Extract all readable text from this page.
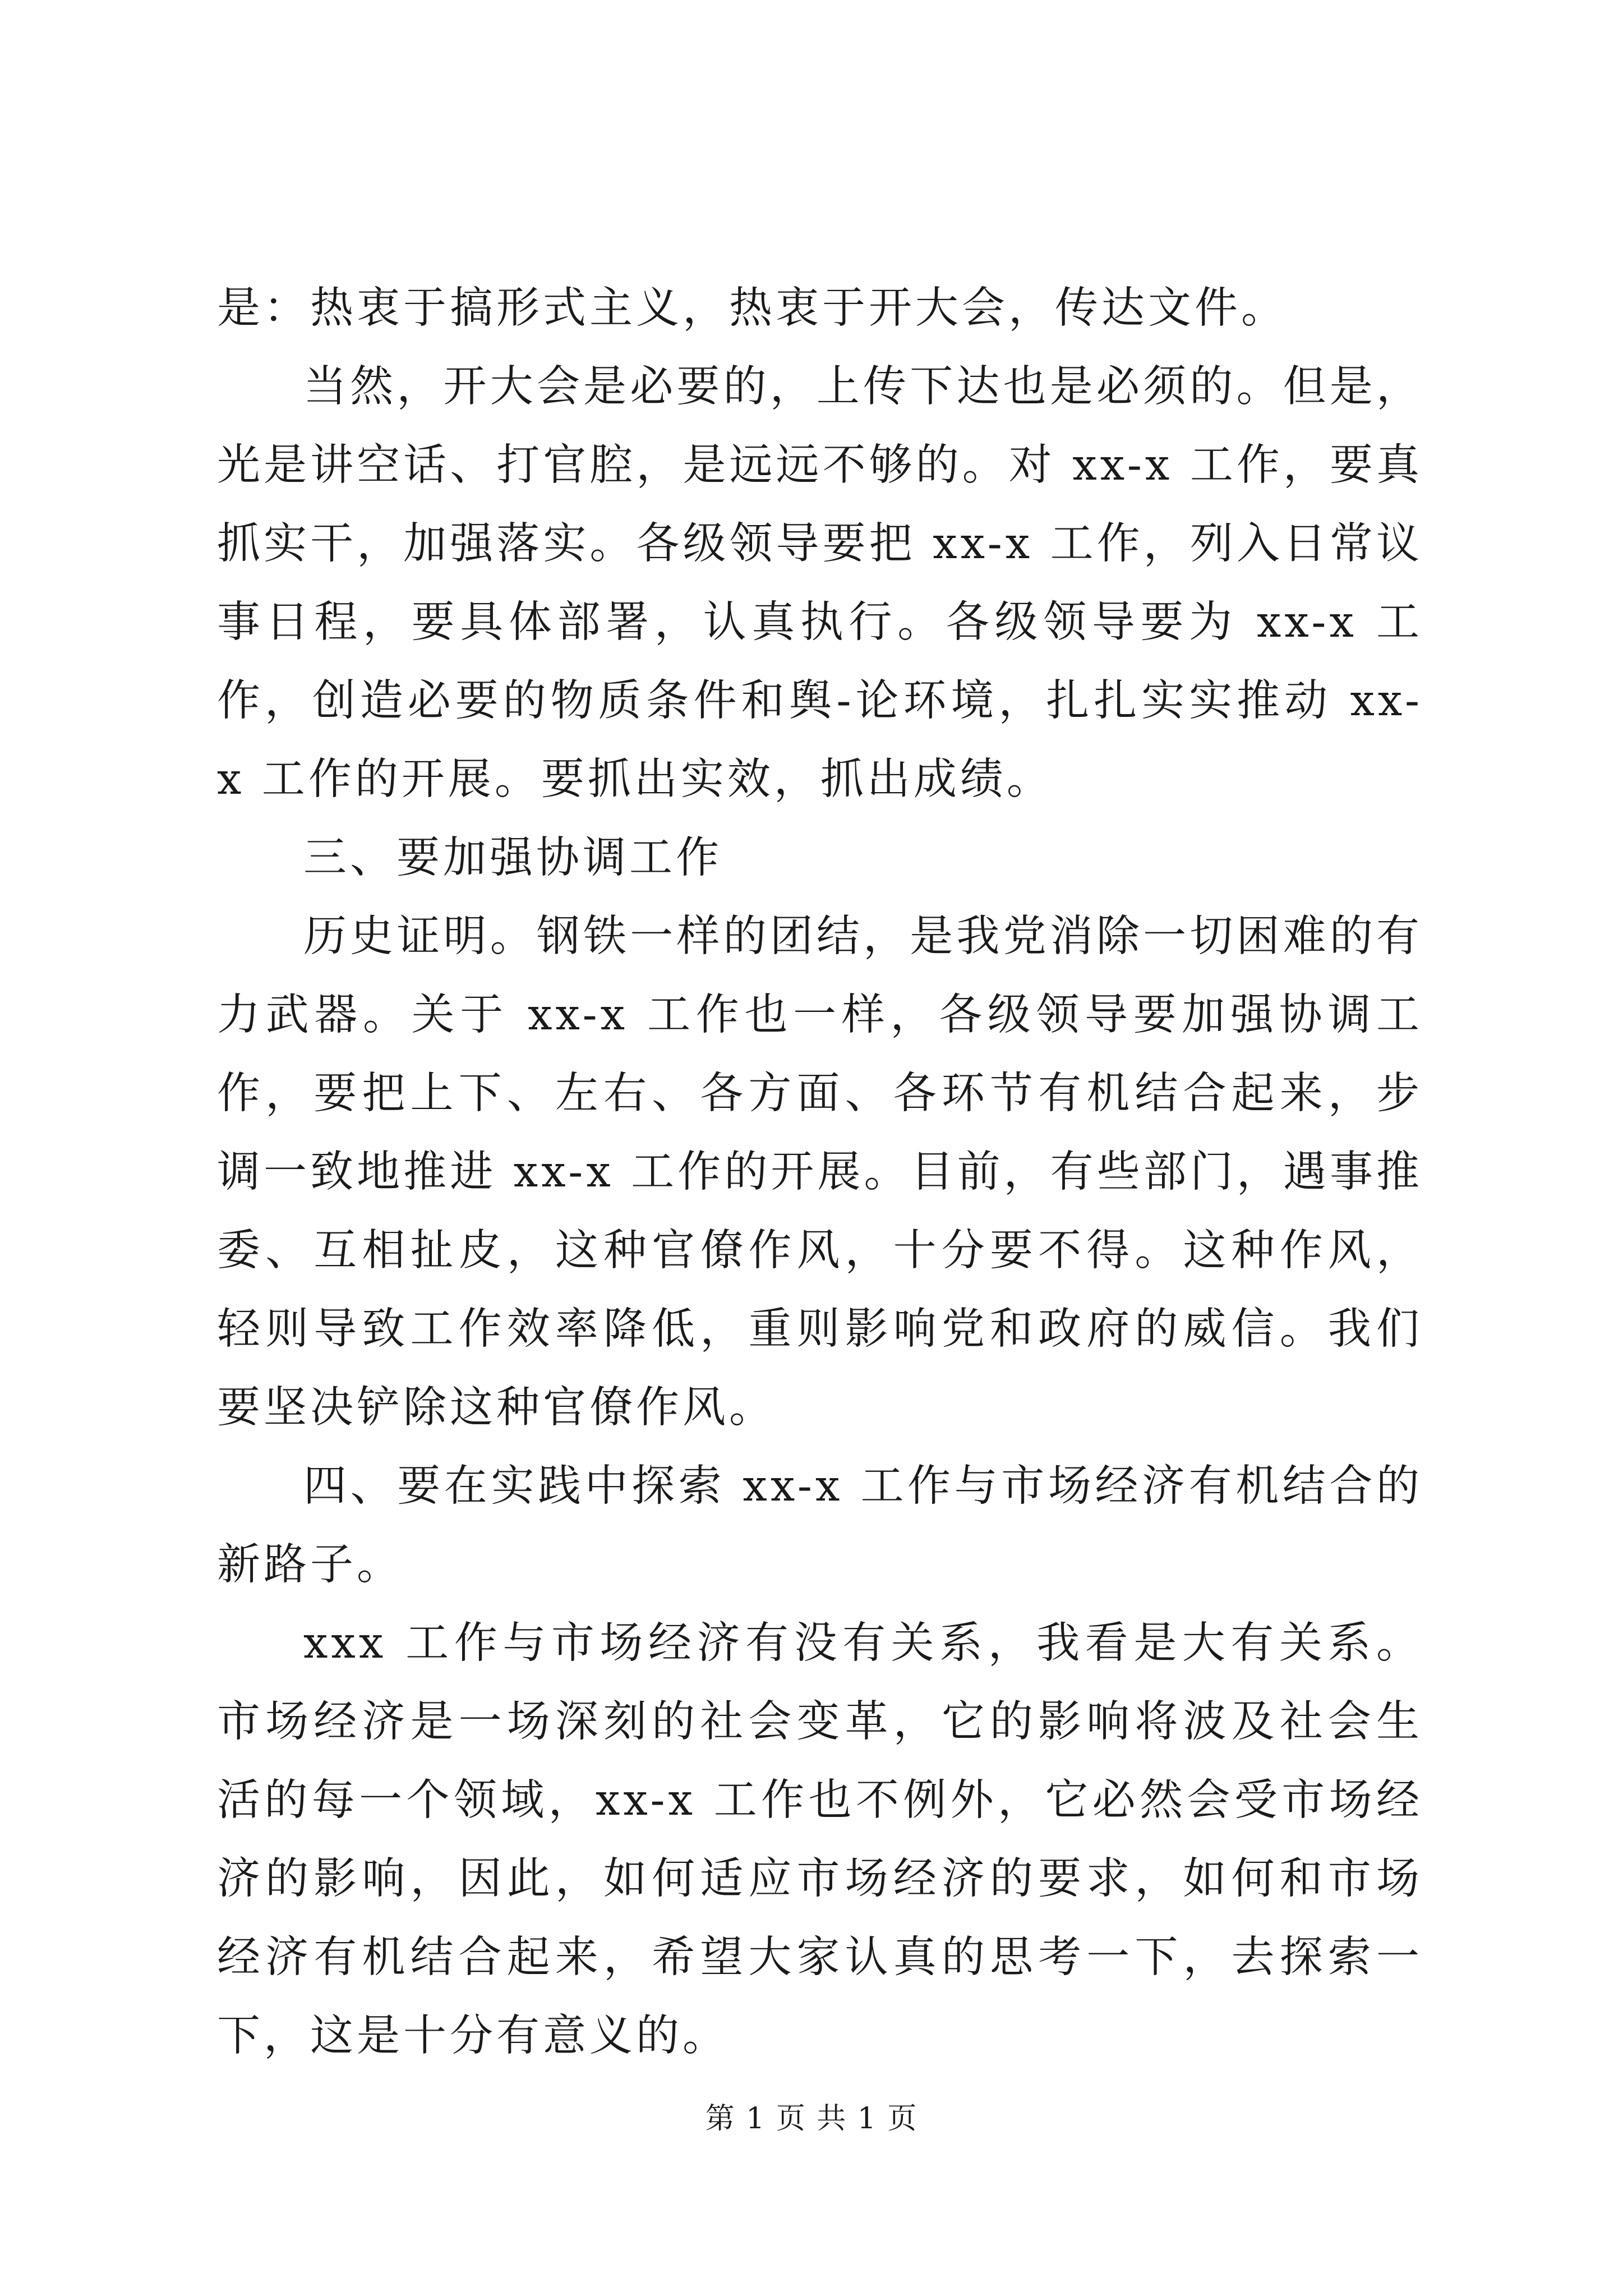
是：热衷于搞形式主义，热衷于开大会，传达文件。

当然，开大会是必要的，上传下达也是必须的。但是，光是讲空话、打官腔，是远远不够的。对 xx-x 工作，要真抓实干，加强落实。各级领导要把 xx-x 工作，列入日常议事日程，要具体部署，认真执行。各级领导要为 xx-x 工作，创造必要的物质条件和舆-论环境，扎扎实实推动 xx-x 工作的开展。要抓出实效，抓出成绩。

三、要加强协调工作

历史证明。钢铁一样的团结，是我党消除一切困难的有力武器。关于 xx-x 工作也一样，各级领导要加强协调工作，要把上下、左右、各方面、各环节有机结合起来，步调一致地推进 xx-x 工作的开展。目前，有些部门，遇事推委、互相扯皮，这种官僚作风，十分要不得。这种作风，轻则导致工作效率降低，重则影响党和政府的威信。我们要坚决铲除这种官僚作风。

四、要在实践中探索 xx-x 工作与市场经济有机结合的新路子。

xxx 工作与市场经济有没有关系，我看是大有关系。市场经济是一场深刻的社会变革，它的影响将波及社会生活的每一个领域，xx-x 工作也不例外，它必然会受市场经济的影响，因此，如何适应市场经济的要求，如何和市场经济有机结合起来，希望大家认真的思考一下，去探索一下，这是十分有意义的。

第 1 页 共 1 页
